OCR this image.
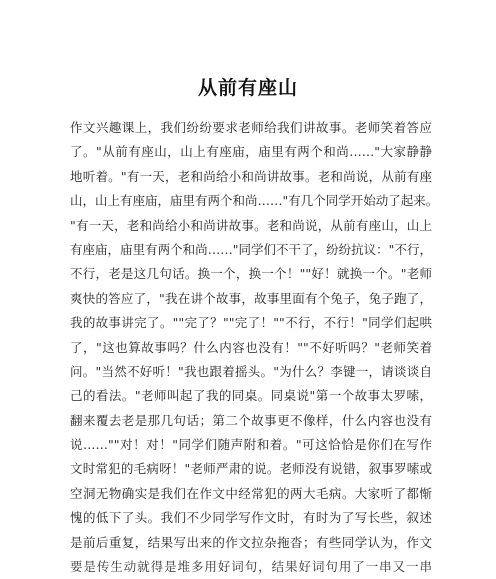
从前有座山
作文兴趣课上，我们纷纷要求老师给我们讲故事。老师笑着答应
了。"从前有座山，山上有座庙，庙里有两个和尚……"大家静静
地听着。"有一天，老和尚给小和尚讲故事。老和尚说，从前有座
山，山上有座庙，庙里有两个和尚……"有几个同学开始动了起来。
"有一天，老和尚给小和尚讲故事。老和尚说，从前有座山，山上
有座庙，庙里有两个和尚……"同学们不干了，纷纷抗议："不行，
不行，老是这几句话。换一个，换一个！""好！就换一个。"老师
爽快的答应了，"我在讲个故事，故事里面有个兔子，兔子跑了，
我的故事讲完了。""完了？""完了！""不行，不行！"同学们起哄
了，"这也算故事吗？什么内容也没有！""不好听吗？"老师笑着
问。"当然不好听！"我也跟着摇头。"为什么？李键一，请谈谈自
己的看法。"老师叫起了我的同桌。同桌说"第一个故事太罗嗦，
翻来覆去老是那几句话；第二个故事更不像样，什么内容也没有
说……""对！对！"同学们随声附和着。"可这恰恰是你们在写作
文时常犯的毛病呀！"老师严肃的说。老师没有说错，叙事罗嗦或
空洞无物确实是我们在作文中经常犯的两大毛病。大家听了都惭
愧的低下了头。我们不少同学写作文时，有时为了写长些，叙述
是前后重复，结果写出来的作文拉杂拖沓；有些同学认为，作文
要是传生动就得是堆多用好词句，结果好词句用了一串又一串
